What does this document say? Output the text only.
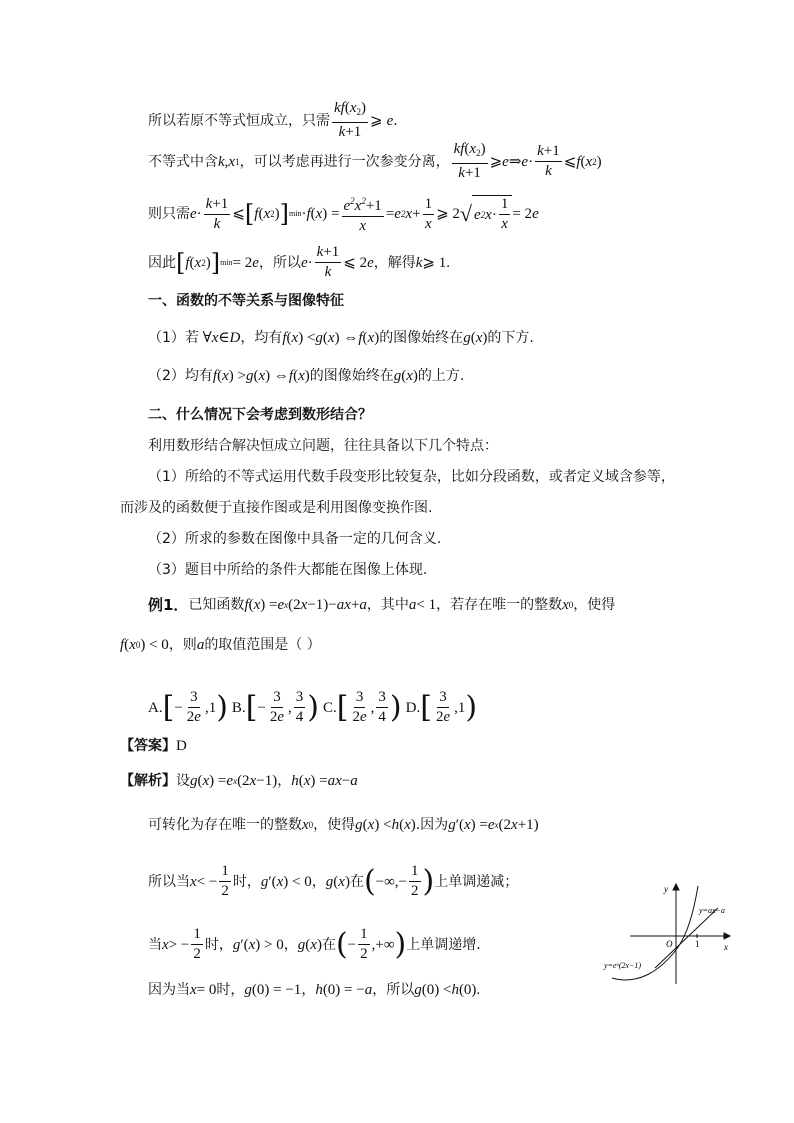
所以若原不等式恒成立，只需 $\frac{kf(x_2)}{k+1}$ ⩾ e .
不等式中含 k , x 1 ，可以考虑再进行一次参变分离， $\frac{kf(x_2)}{k+1}$ ⩾ e ⇒ $e \cdot \frac{k+1}{k}$ ⩽ f ( x 2 )
则只需 $e \cdot \frac{k+1}{k}$ ⩽ [ f ( x 2 ) ] min · f ( x ) = $\frac{e^2x^2+1}{x} = e$ 2 $x + \frac{1}{x}$ ⩾ 2 √ e 2 $x \cdot \frac{1}{x} = 2$ e
因此 [ f ( x 2 ) ] min = 2 e ，所以 $e \cdot \frac{k+1}{k}$ ⩽ 2 e ，解得 k ⩾ 1.
一、函数的不等关系与图像特征
（1）若 ∀ x ∈ D ，均有 f ( x ) < g ( x ) ⇔ f ( x ) 的图像始终在 g ( x ) 的下方.
（2）均有 f ( x ) > g ( x ) ⇔ f ( x ) 的图像始终在 g ( x ) 的上方.
二、什么情况下会考虑到数形结合？
利用数形结合解决恒成立问题，往往具备以下几个特点：
（1）所给的不等式运用代数手段变形比较复杂，比如分段函数，或者定义域含参等，
而涉及的函数便于直接作图或是利用图像变换作图.
（2）所求的参数在图像中具备一定的几何含义.
（3）题目中所给的条件大都能在图像上体现.
例1． 已知函数 f ( x ) = e x (2 x −1)− ax + a ，其中 a < 1 ，若存在唯一的整数 x 0 ，使得
f ( x 0 ) < 0 ，则 a 的取值范围是（ ）
A. [ − $\frac{3}{2e} ,1$ ) B. [ − $\frac{3}{2e}$ , $\frac{3}{4}$ ) C. [ $\frac{3}{2e}$ , $\frac{3}{4}$ ) D. [ $\frac{3}{2e} ,1$ )
【答案】 D
【解析】 设 g ( x ) = e x (2 x −1) ， h ( x ) = ax − a
可转化为存在唯一的整数 x 0 ，使得 g ( x ) < h ( x ) .因为 g ′( x ) = e x (2 x +1)
所以当 x < − $\frac{1}{2}$ 时， g ′( x ) < 0 ， g ( x ) 在 ( −∞,− $\frac{1}{2}$ ) 上单调递减；
当 x > − $\frac{1}{2}$ 时， g ′( x ) > 0 ， g ( x ) 在 ( − $\frac{1}{2}$ ,+∞ ) 上单调递增.
因为当 x = 0 时， g (0) = −1 ， h (0) = − a ，所以 g (0) < h (0).
y
x
O	1
y=ax−a
y=eˣ(2x−1)
